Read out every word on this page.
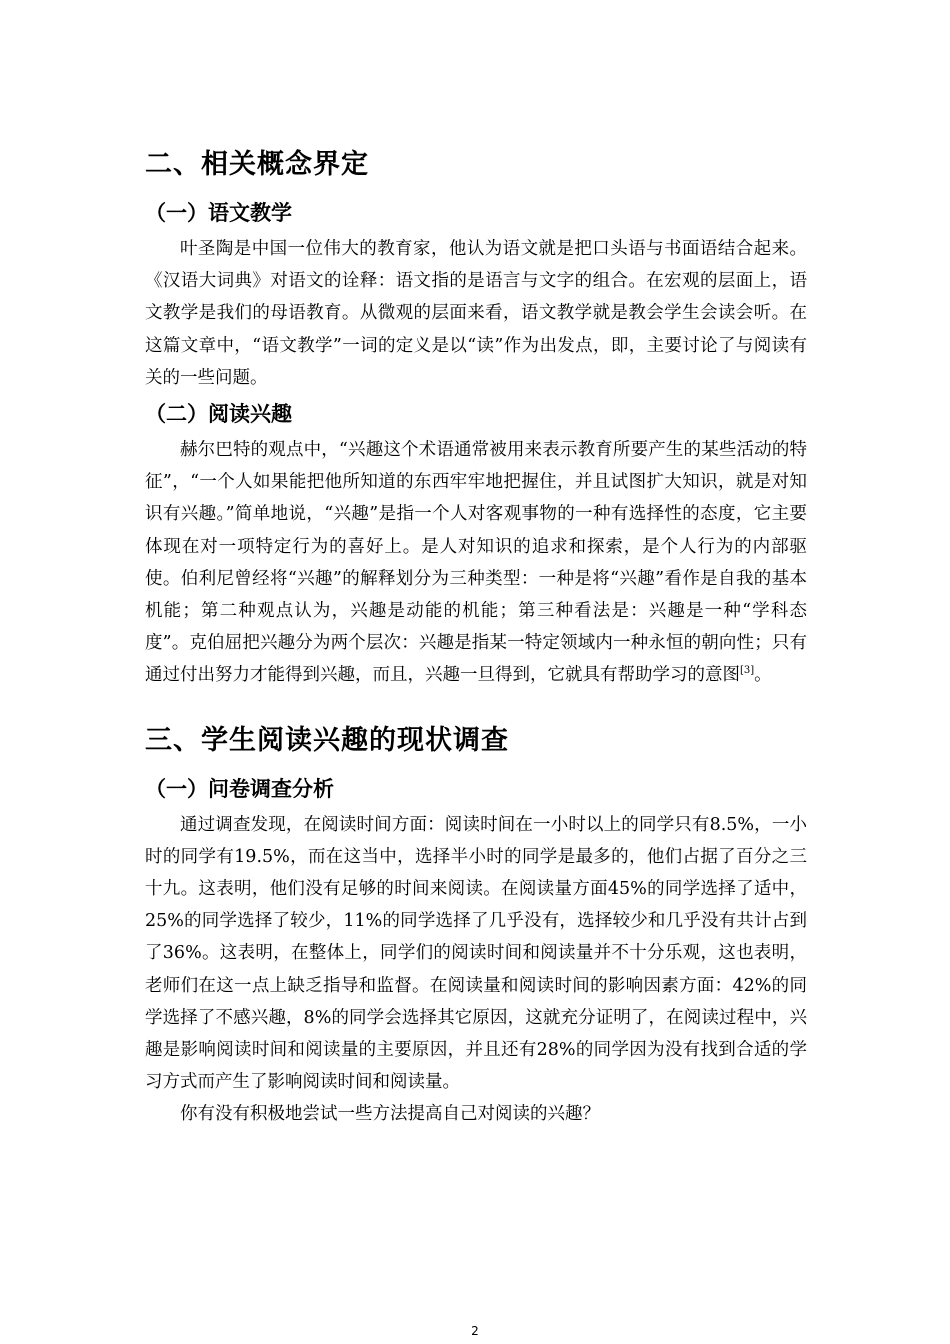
二、相关概念界定
（一）语文教学

叶圣陶是中国一位伟大的教育家，他认为语文就是把口头语与书面语结合起来。《汉语大词典》对语文的诠释：语文指的是语言与文字的组合。在宏观的层面上，语文教学是我们的母语教育。从微观的层面来看，语文教学就是教会学生会读会听。在这篇文章中，“语文教学”一词的定义是以“读”作为出发点，即，主要讨论了与阅读有关的一些问题。

（二）阅读兴趣

赫尔巴特的观点中，“兴趣这个术语通常被用来表示教育所要产生的某些活动的特征”，“一个人如果能把他所知道的东西牢牢地把握住，并且试图扩大知识，就是对知识有兴趣。”简单地说，“兴趣”是指一个人对客观事物的一种有选择性的态度，它主要体现在对一项特定行为的喜好上。是人对知识的追求和探索，是个人行为的内部驱使。伯利尼曾经将“兴趣”的解释划分为三种类型：一种是将“兴趣”看作是自我的基本机能；第二种观点认为，兴趣是动能的机能；第三种看法是：兴趣是一种“学科态度”。克伯屈把兴趣分为两个层次：兴趣是指某一特定领域内一种永恒的朝向性；只有通过付出努力才能得到兴趣，而且，兴趣一旦得到，它就具有帮助学习的意图[3]。

三、学生阅读兴趣的现状调查
（一）问卷调查分析

通过调查发现，在阅读时间方面：阅读时间在一小时以上的同学只有8.5%，一小时的同学有19.5%，而在这当中，选择半小时的同学是最多的，他们占据了百分之三十九。这表明，他们没有足够的时间来阅读。在阅读量方面45%的同学选择了适中，25%的同学选择了较少，11%的同学选择了几乎没有，选择较少和几乎没有共计占到了36%。这表明，在整体上，同学们的阅读时间和阅读量并不十分乐观，这也表明，老师们在这一点上缺乏指导和监督。在阅读量和阅读时间的影响因素方面：42%的同学选择了不感兴趣，8%的同学会选择其它原因，这就充分证明了，在阅读过程中，兴趣是影响阅读时间和阅读量的主要原因，并且还有28%的同学因为没有找到合适的学习方式而产生了影响阅读时间和阅读量。

你有没有积极地尝试一些方法提高自己对阅读的兴趣？

2
